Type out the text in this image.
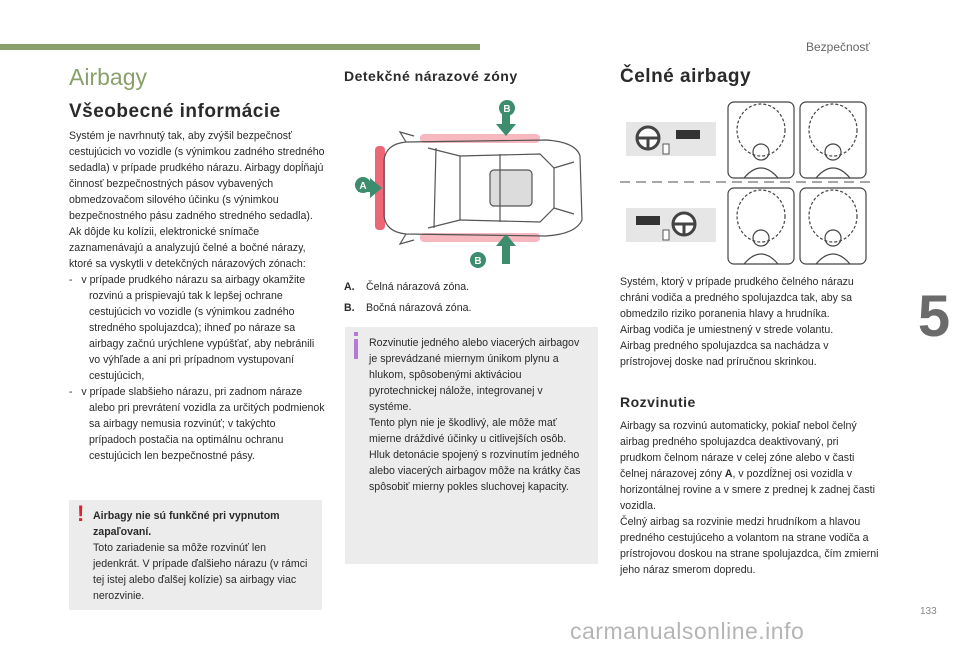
Bezpečnosť
5
Airbagy
Všeobecné informácie
Systém je navrhnutý tak, aby zvýšil bezpečnosť cestujúcich vo vozidle (s výnimkou zadného stredného sedadla) v prípade prudkého nárazu. Airbagy dopĺňajú činnosť bezpečnostných pásov vybavených obmedzovačom silového účinku (s výnimkou bezpečnostného pásu zadného stredného sedadla).
Ak dôjde ku kolízii, elektronické snímače zaznamenávajú a analyzujú čelné a bočné nárazy, ktoré sa vyskytli v detekčných nárazových zónach:
-   v prípade prudkého nárazu sa airbagy okamžite rozvinú a prispievajú tak k lepšej ochrane cestujúcich vo vozidle (s výnimkou zadného stredného spolujazdca); ihneď po náraze sa airbagy začnú urýchlene vypúšťať, aby nebránili vo výhľade a ani pri prípadnom vystupovaní cestujúcich,
-   v prípade slabšieho nárazu, pri zadnom náraze alebo pri prevrátení vozidla za určitých podmienok sa airbagy nemusia rozvinúť; v takýchto prípadoch postačia na optimálnu ochranu cestujúcich len bezpečnostné pásy.
! Airbagy nie sú funkčné pri vypnutom zapaľovaní.
Toto zariadenie sa môže rozvinúť len jedenkrát. V prípade ďalšieho nárazu (v rámci tej istej alebo ďalšej kolízie) sa airbagy viac nerozvinie.
Detekčné nárazové zóny
B
B
A
A. Čelná nárazová zóna.
B. Bočná nárazová zóna.
Rozvinutie jedného alebo viacerých airbagov je sprevádzané miernym únikom plynu a hlukom, spôsobenými aktiváciou pyrotechnickej nálože, integrovanej v systéme.
Tento plyn nie je škodlivý, ale môže mať mierne dráždivé účinky u citlivejších osôb. Hluk detonácie spojený s rozvinutím jedného alebo viacerých airbagov môže na krátky čas spôsobiť mierny pokles sluchovej kapacity.
Čelné airbagy
Systém, ktorý v prípade prudkého čelného nárazu chráni vodiča a predného spolujazdca tak, aby sa obmedzilo riziko poranenia hlavy a hrudníka.
Airbag vodiča je umiestnený v strede volantu.
Airbag predného spolujazdca sa nachádza v prístrojovej doske nad príručnou skrinkou.
Rozvinutie
Airbagy sa rozvinú automaticky, pokiaľ nebol čelný airbag predného spolujazdca deaktivovaný, pri prudkom čelnom náraze v celej zóne alebo v časti čelnej nárazovej zóny A, v pozdĺžnej osi vozidla v horizontálnej rovine a v smere z prednej k zadnej časti vozidla.
Čelný airbag sa rozvinie medzi hrudníkom a hlavou predného cestujúceho a volantom na strane vodiča a prístrojovou doskou na strane spolujazdca, čím zmierni jeho náraz smerom dopredu.
133
carmanualsonline.info
